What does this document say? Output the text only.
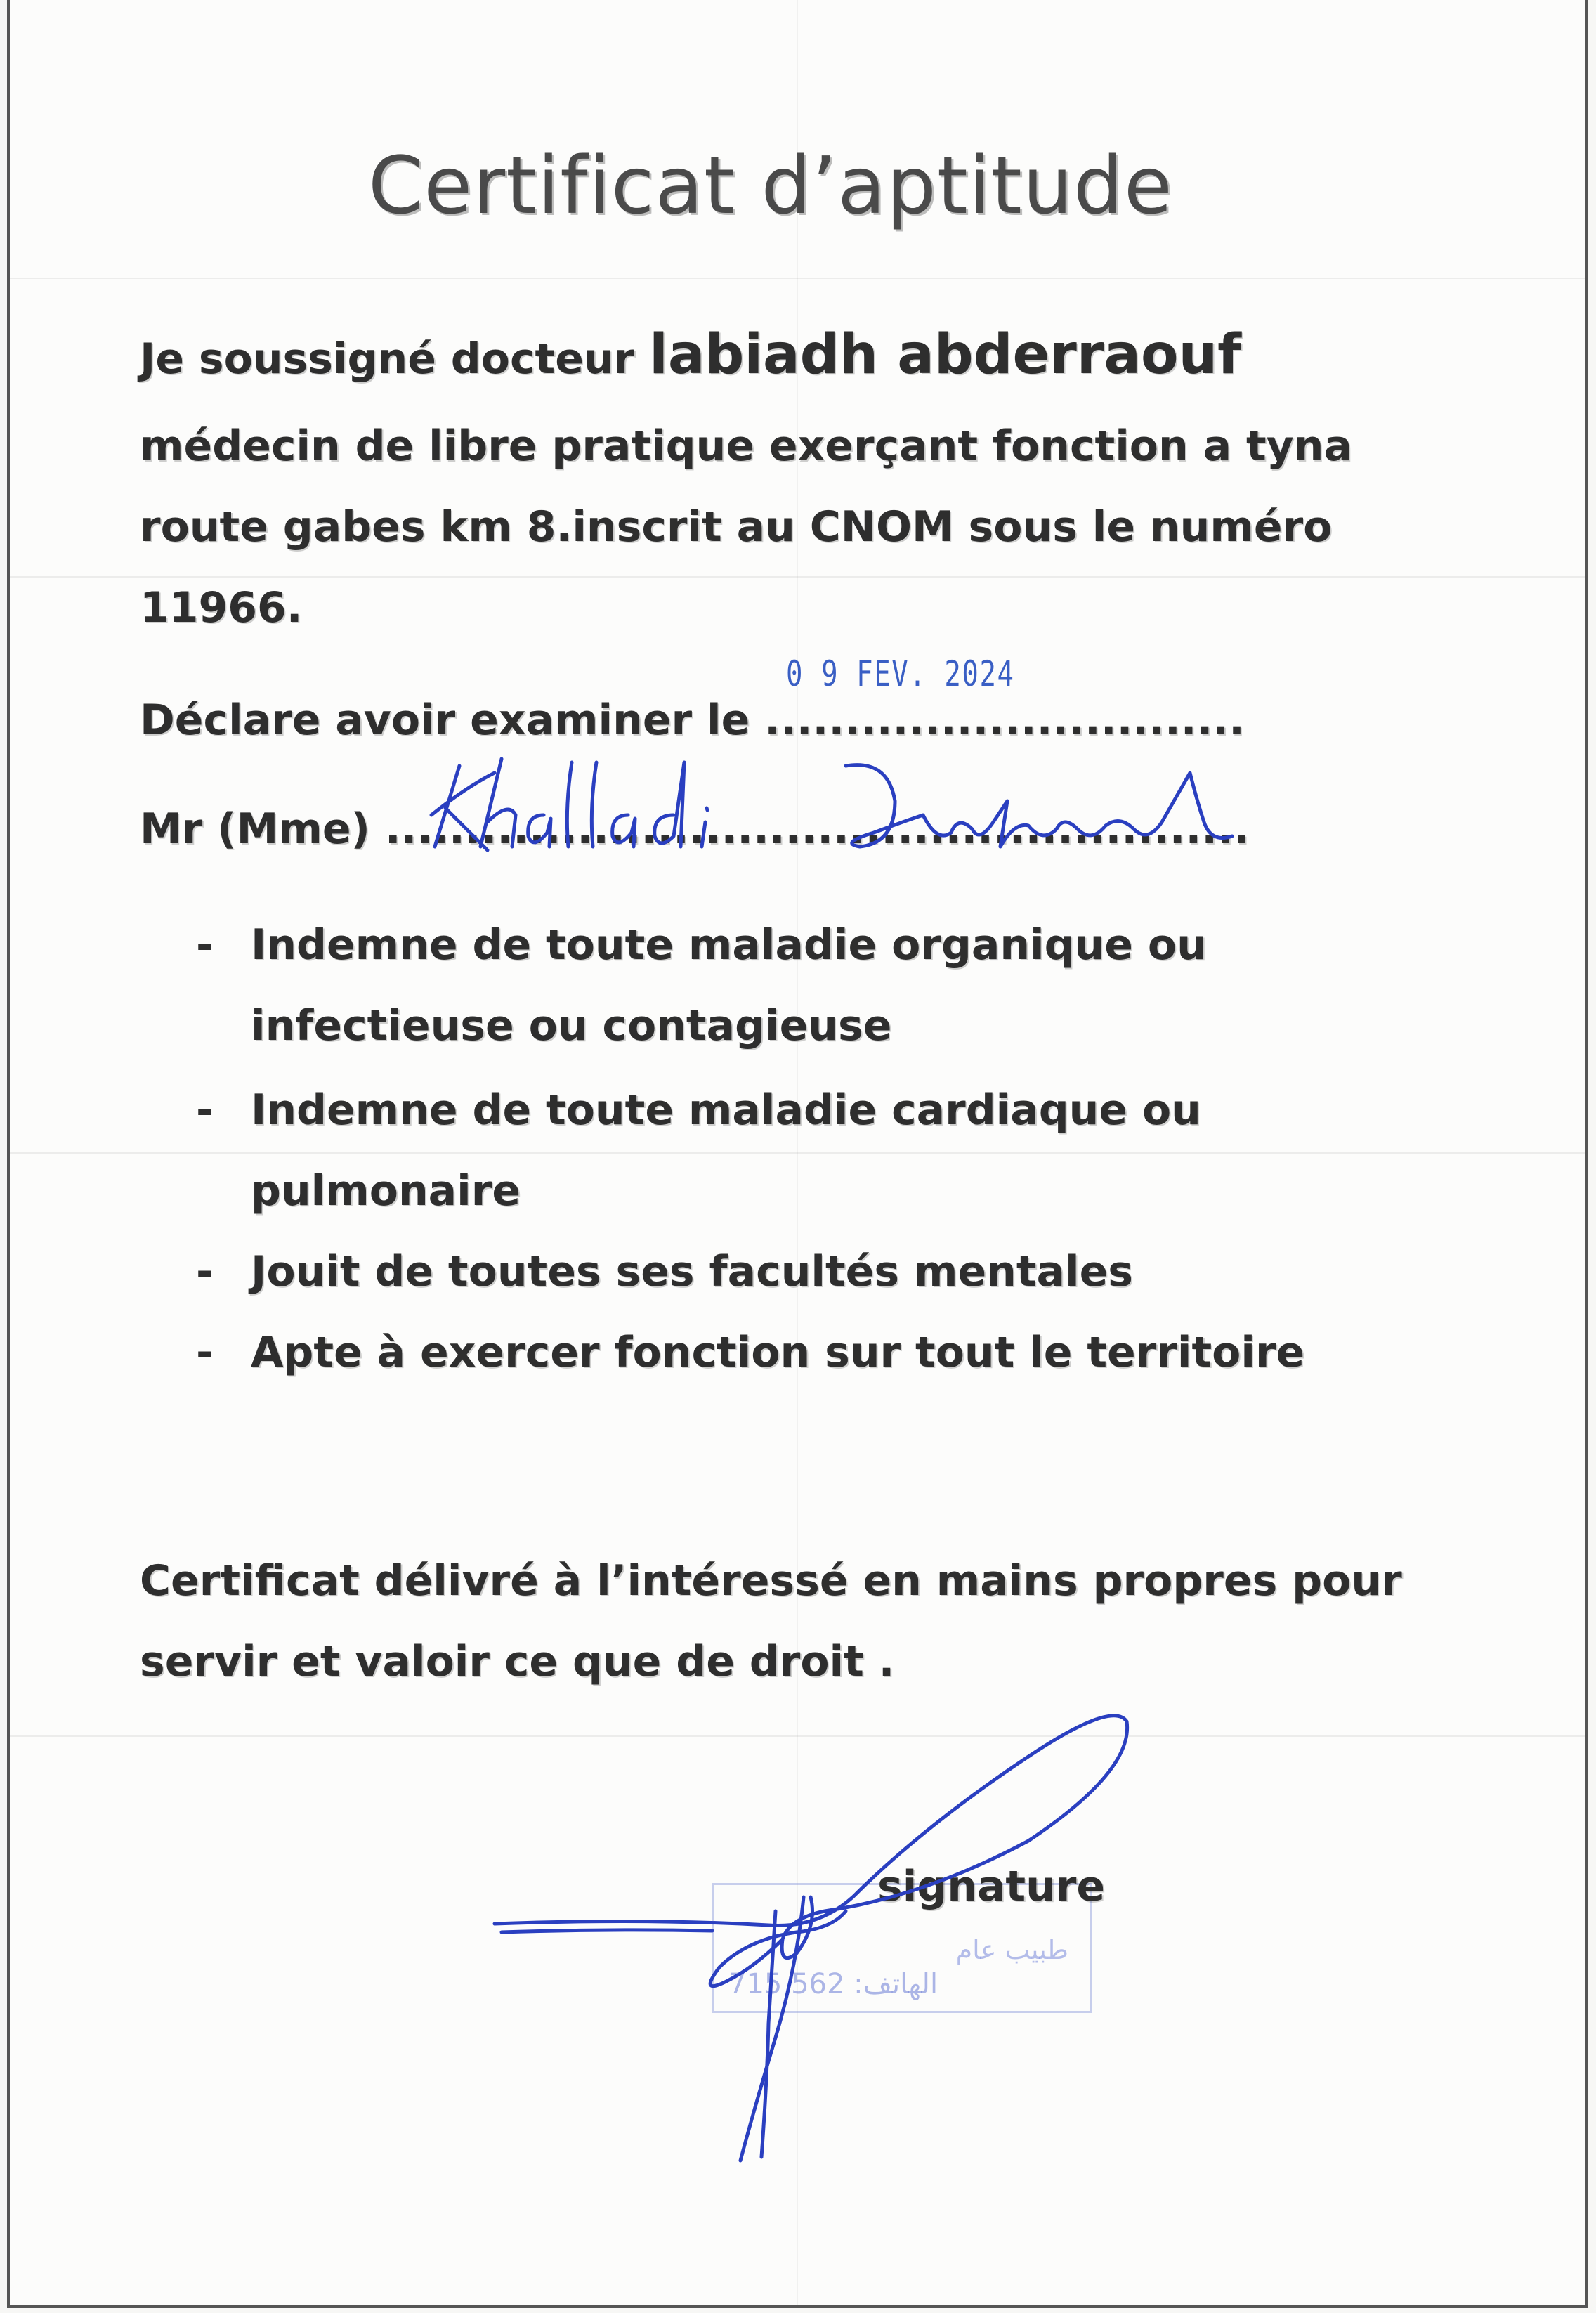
Certificat d’aptitude
Je soussigné docteur labiadh abderraouf
médecin de libre pratique exerçant fonction a tyna
route gabes km 8.inscrit au CNOM sous le numéro
11966.
0 9 FEV. 2024
Déclare avoir examiner le ..............................
Mr (Mme) ......................................................
- Indemne de toute maladie organique ou
infectieuse ou contagieuse
- Indemne de toute maladie cardiaque ou
pulmonaire
- Jouit de toutes ses facultés mentales
- Apte à exercer fonction sur tout le territoire
Certificat délivré à l’intéressé en mains propres pour
servir et valoir ce que de droit .
طبيب عام
الهاتف: 562 715
signature
